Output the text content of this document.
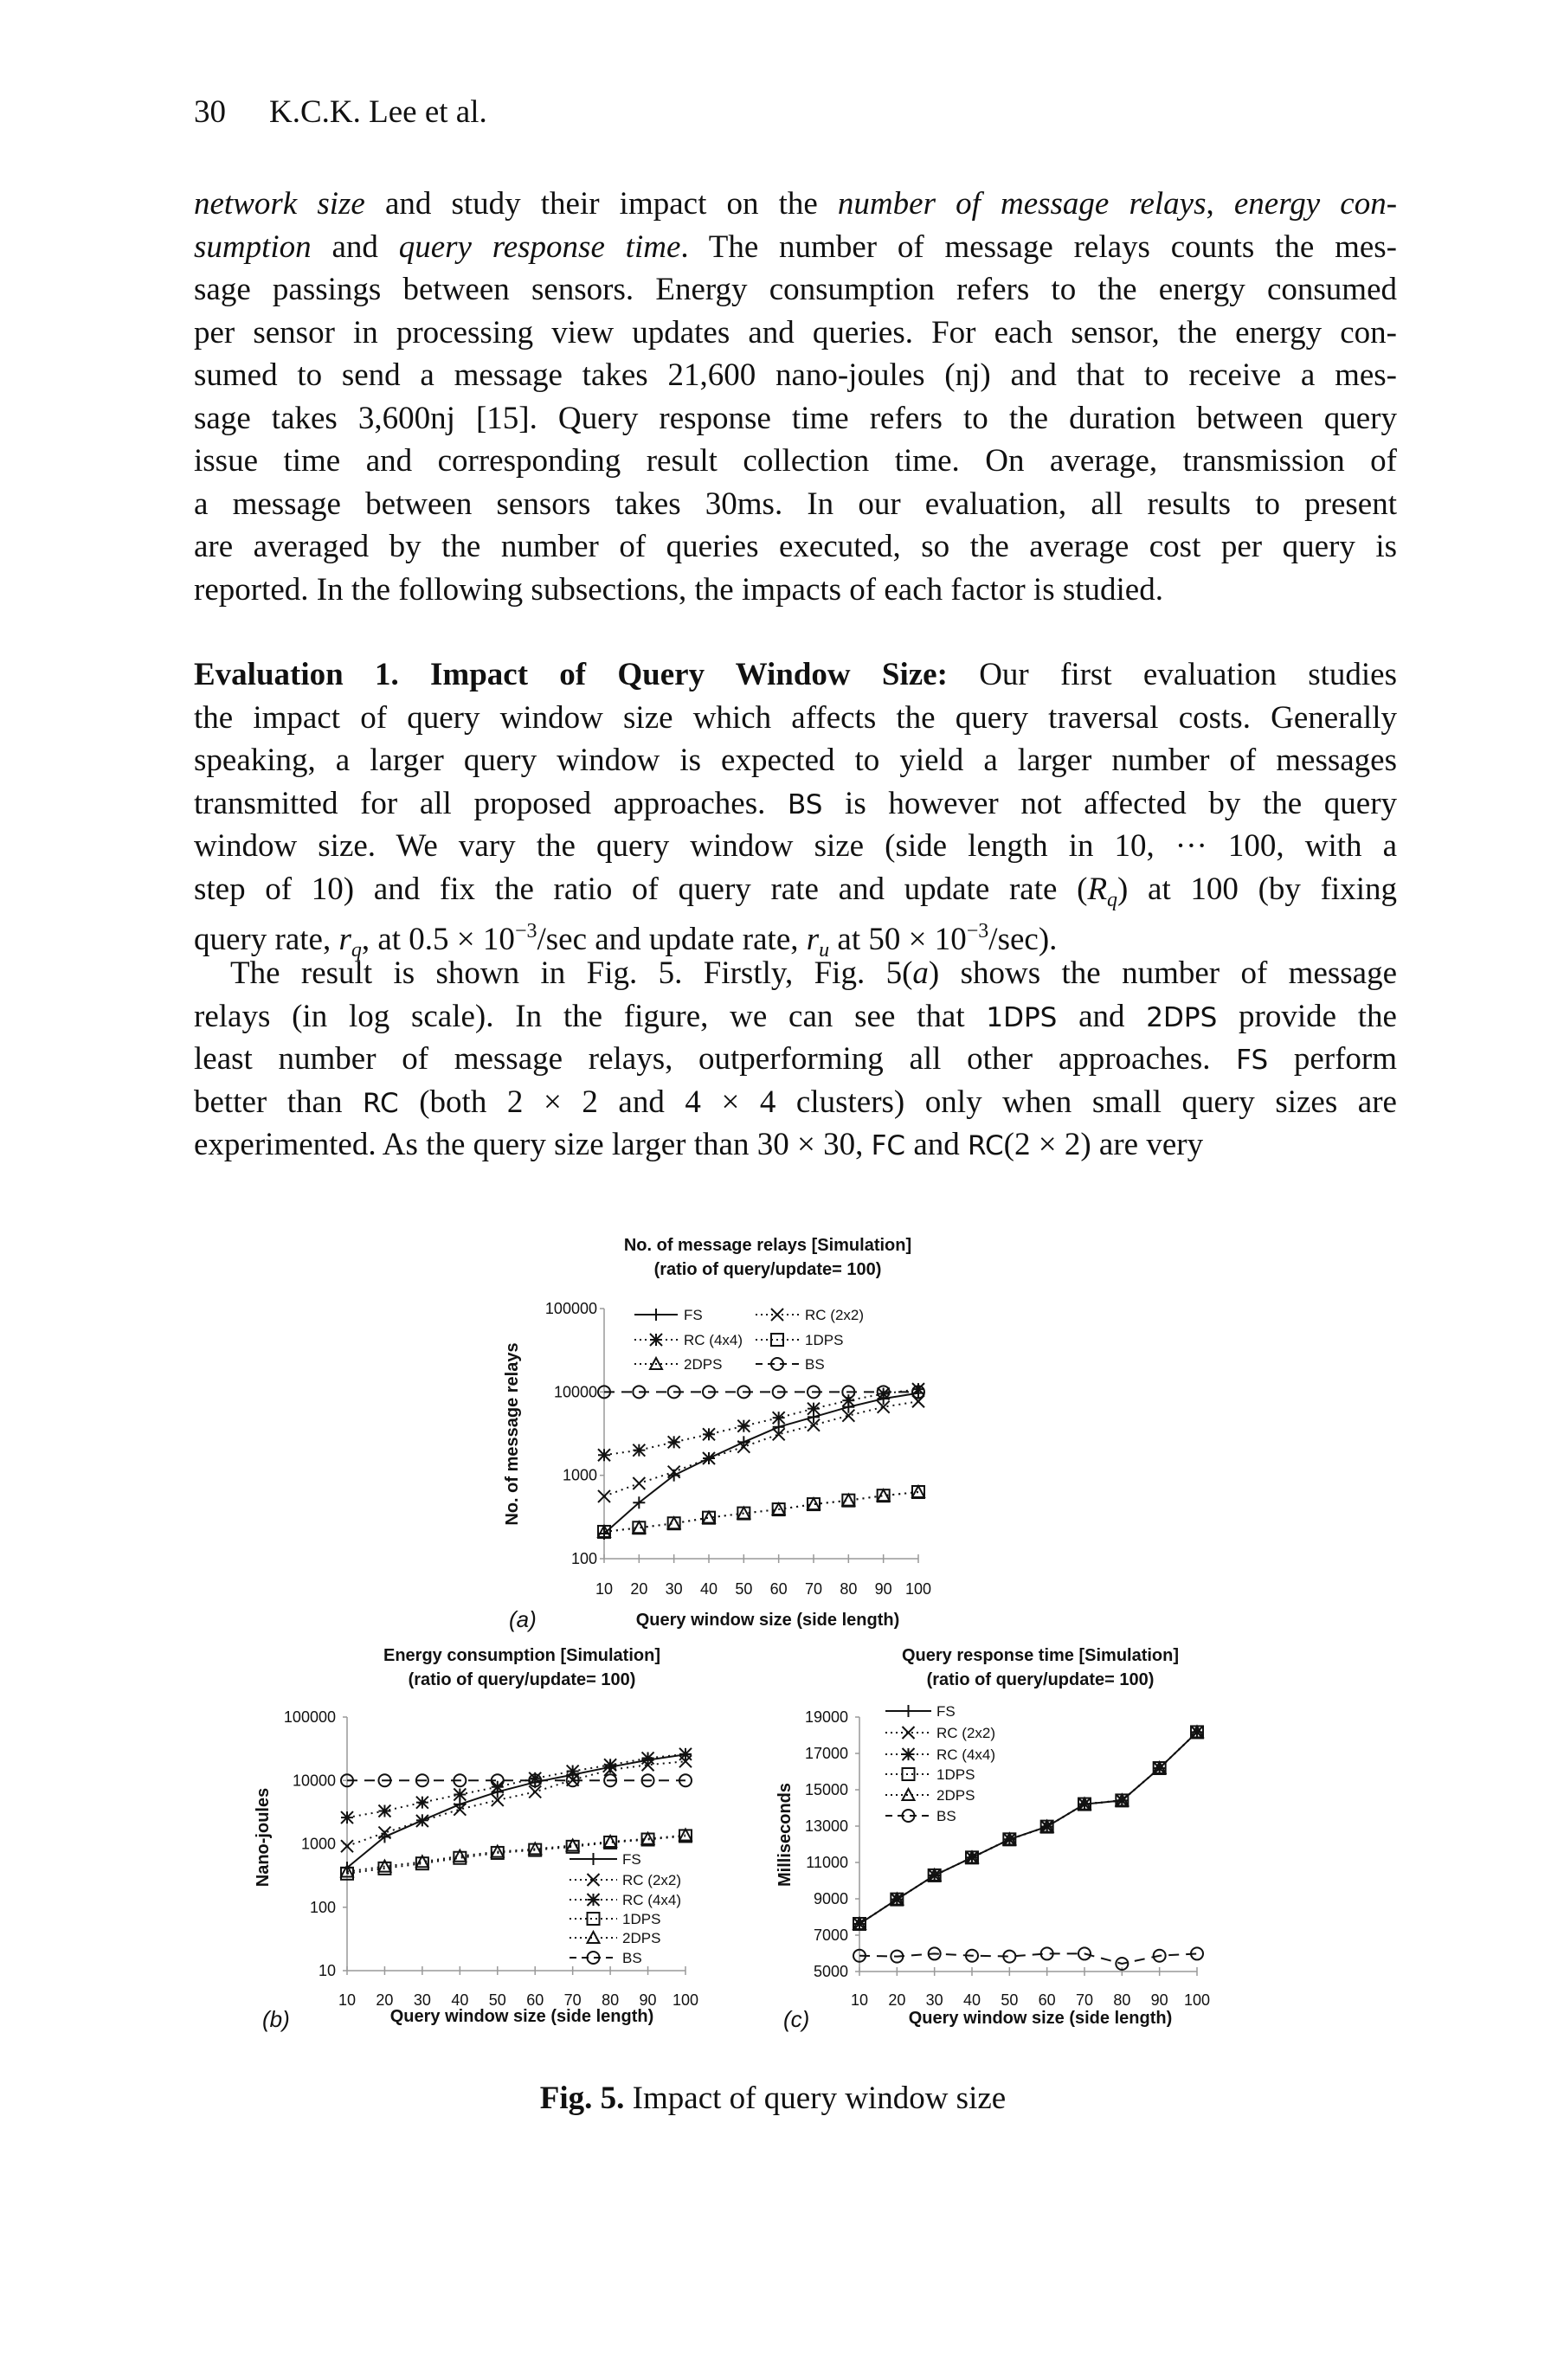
30 K.C.K. Lee et al.
network size and study their impact on the number of message relays, energy con-
sumption and query response time. The number of message relays counts the mes-
sage passings between sensors. Energy consumption refers to the energy consumed
per sensor in processing view updates and queries. For each sensor, the energy con-
sumed to send a message takes 21,600 nano-joules (nj) and that to receive a mes-
sage takes 3,600nj [15]. Query response time refers to the duration between query
issue time and corresponding result collection time. On average, transmission of
a message between sensors takes 30ms. In our evaluation, all results to present
are averaged by the number of queries executed, so the average cost per query is
reported. In the following subsections, the impacts of each factor is studied.
Evaluation 1. Impact of Query Window Size: Our first evaluation studies
the impact of query window size which affects the query traversal costs. Generally
speaking, a larger query window is expected to yield a larger number of messages
transmitted for all proposed approaches. BS is however not affected by the query
window size. We vary the query window size (side length in 10, ··· 100, with a
step of 10) and fix the ratio of query rate and update rate $(R_q)$ at 100 (by fixing
query rate, $r_q$, at $0.5 \times 10^{-3}/\sec$ and update rate, $r_u$ at $50 \times 10^{-3}/\sec$).
The result is shown in Fig. 5. Firstly, Fig. 5(a) shows the number of message
relays (in log scale). In the figure, we can see that 1DPS and 2DPS provide the
least number of message relays, outperforming all other approaches. FS perform
better than RC (both 2 × 2 and 4 × 4 clusters) only when small query sizes are
experimented. As the query size larger than 30 × 30, FC and RC(2 × 2) are very
No. of message relays [Simulation]
(ratio of query/update= 100)
100
1000
10000
100000
10 20 30 40 50 60 70 80 90 100
Query window size (side length)
No. of message relays
(a)
FS	RC (2x2)
RC (4x4)	1DPS
2DPS	BS
Energy consumption [Simulation]
(ratio of query/update= 100)
10
100
1000
10000
100000
10 20 30 40 50 60 70 80 90 100
Query window size (side length)
Nano-joules
(b)
FS
RC (2x2)
RC (4x4)
1DPS
2DPS
BS
Query response time [Simulation]
(ratio of query/update= 100)
5000
7000
9000
11000
13000
15000
17000
19000
10 20 30 40 50 60 70 80 90 100
Query window size (side length)
Milliseconds
(c)
FS
RC (2x2)
RC (4x4)
1DPS
2DPS
BS
Fig. 5. Impact of query window size
